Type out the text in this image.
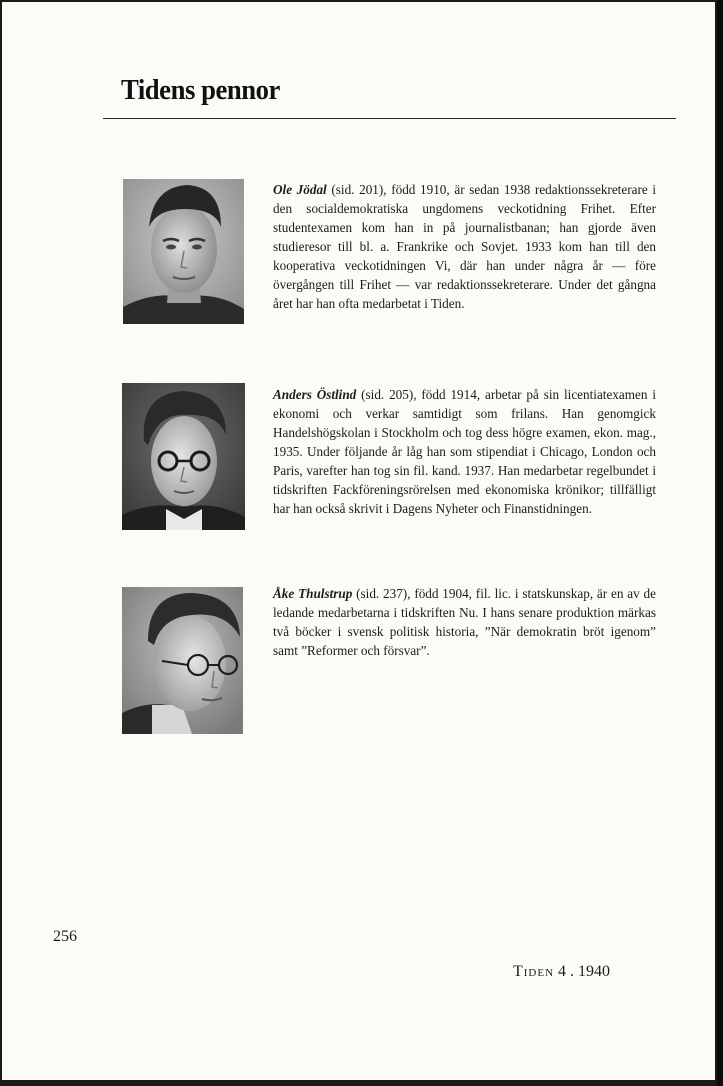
Tidens pennor
Ole Jödal (sid. 201), född 1910, är sedan 1938 redaktionssekreterare i den socialdemokratiska ungdomens veckotidning Frihet. Efter studentexamen kom han in på journalistbanan; han gjorde även studieresor till bl. a. Frankrike och Sovjet. 1933 kom han till den kooperativa veckotidningen Vi, där han under några år — före övergången till Frihet — var redaktionssekreterare. Under det gångna året har han ofta medarbetat i Tiden.
Anders Östlind (sid. 205), född 1914, arbetar på sin licentiatexamen i ekonomi och verkar samtidigt som frilans. Han genomgick Handelshögskolan i Stockholm och tog dess högre examen, ekon. mag., 1935. Under följande år låg han som stipendiat i Chicago, London och Paris, varefter han tog sin fil. kand. 1937. Han medarbetar regelbundet i tidskriften Fackföreningsrörelsen med ekonomiska krönikor; tillfälligt har han också skrivit i Dagens Nyheter och Finanstidningen.
Åke Thulstrup (sid. 237), född 1904, fil. lic. i statskunskap, är en av de ledande medarbetarna i tidskriften Nu. I hans senare produktion märkas två böcker i svensk politisk historia, ”När demokratin bröt igenom” samt ”Reformer och försvar”.
256
Tiden 4 . 1940
